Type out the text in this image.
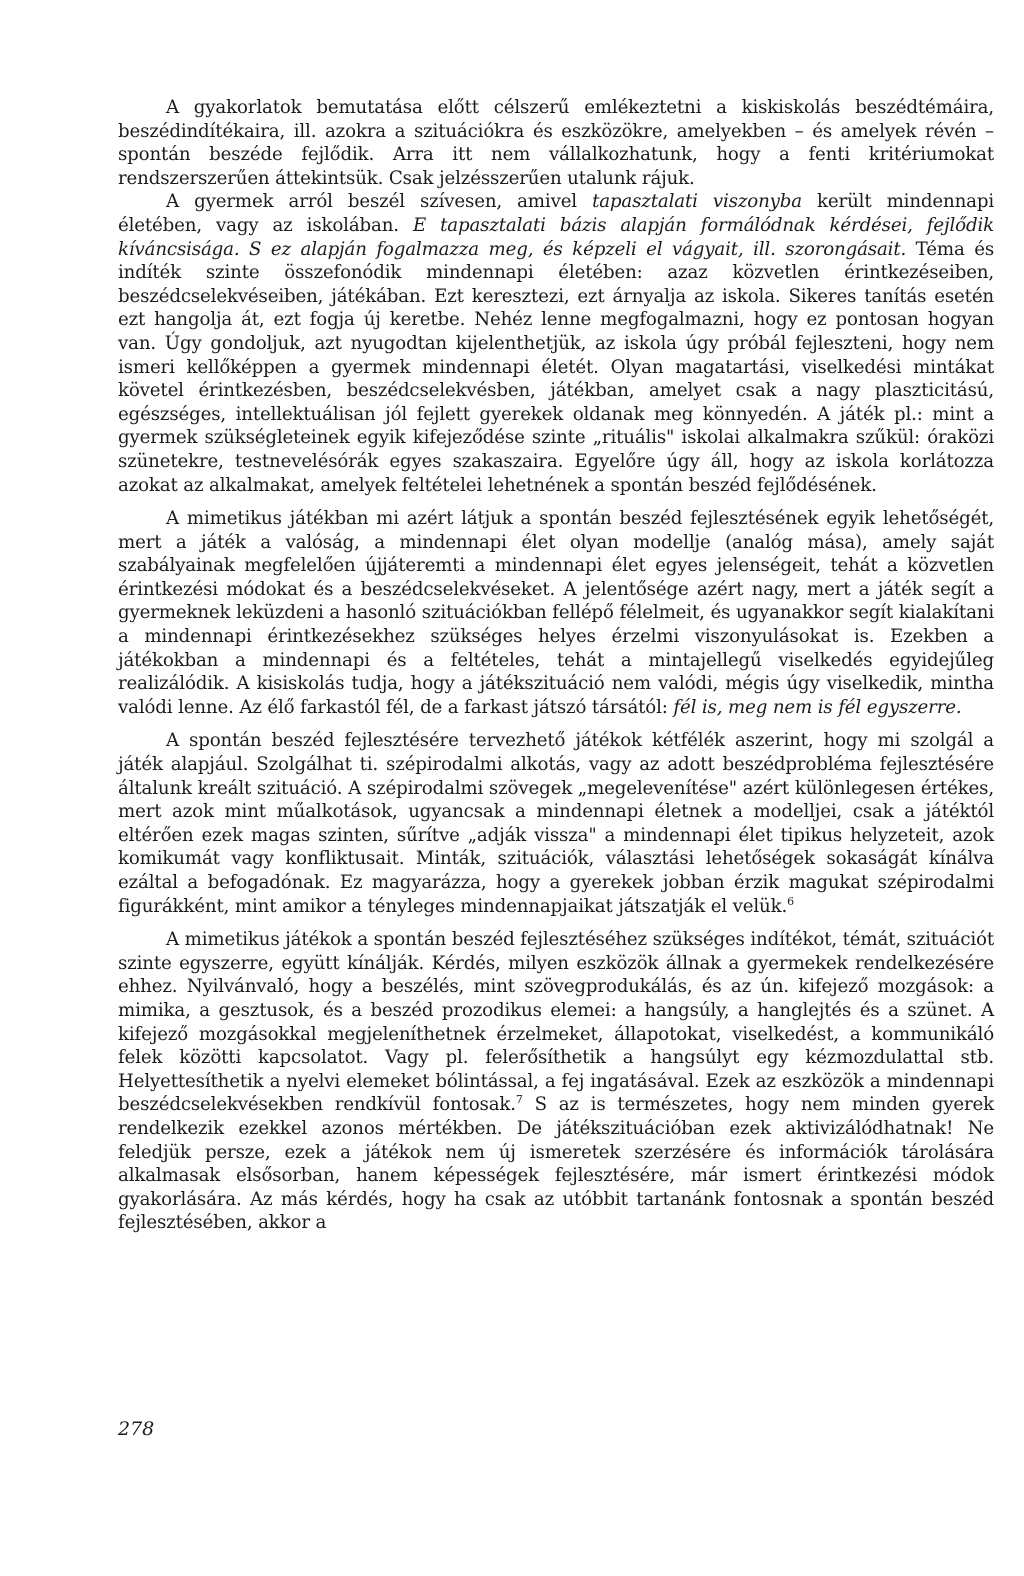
A gyakorlatok bemutatása előtt célszerű emlékeztetni a kiskiskolás beszédtémáira, beszédindítékaira, ill. azokra a szituációkra és eszközökre, amelyekben – és amelyek révén – spontán beszéde fejlődik. Arra itt nem vállalkozhatunk, hogy a fenti kritériumokat rendszerszerűen áttekintsük. Csak jelzésszerűen utalunk rájuk.

A gyermek arról beszél szívesen, amivel tapasztalati viszonyba került mindennapi életében, vagy az iskolában. E tapasztalati bázis alapján formálódnak kérdései, fejlődik kíváncsisága. S ez alapján fogalmazza meg, és képzeli el vágyait, ill. szorongásait. Téma és indíték szinte összefonódik mindennapi életében: azaz közvetlen érintkezéseiben, beszédcselekvéseiben, játékában. Ezt keresztezi, ezt árnyalja az iskola. Sikeres tanítás esetén ezt hangolja át, ezt fogja új keretbe. Nehéz lenne megfogalmazni, hogy ez pontosan hogyan van. Úgy gondoljuk, azt nyugodtan kijelenthetjük, az iskola úgy próbál fejleszteni, hogy nem ismeri kellőképpen a gyermek mindennapi életét. Olyan magatartási, viselkedési mintákat követel érintkezésben, beszédcselekvésben, játékban, amelyet csak a nagy plaszticitású, egészséges, intellektuálisan jól fejlett gyerekek oldanak meg könnyedén. A játék pl.: mint a gyermek szükségleteinek egyik kifejeződése szinte „rituális" iskolai alkalmakra szűkül: óraközi szünetekre, testnevelésórák egyes szakaszaira. Egyelőre úgy áll, hogy az iskola korlátozza azokat az alkalmakat, amelyek feltételei lehetnének a spontán beszéd fejlődésének.

A mimetikus játékban mi azért látjuk a spontán beszéd fejlesztésének egyik lehetőségét, mert a játék a valóság, a mindennapi élet olyan modellje (analóg mása), amely saját szabályainak megfelelően újjáteremti a mindennapi élet egyes jelenségeit, tehát a közvetlen érintkezési módokat és a beszédcselekvéseket. A jelentősége azért nagy, mert a játék segít a gyermeknek leküzdeni a hasonló szituációkban fellépő félelmeit, és ugyanakkor segít kialakítani a mindennapi érintkezésekhez szükséges helyes érzelmi viszonyulásokat is. Ezekben a játékokban a mindennapi és a feltételes, tehát a mintajellegű viselkedés egyidejűleg realizálódik. A kisiskolás tudja, hogy a játékszituáció nem valódi, mégis úgy viselkedik, mintha valódi lenne. Az élő farkastól fél, de a farkast játszó társától: fél is, meg nem is fél egyszerre.

A spontán beszéd fejlesztésére tervezhető játékok kétfélék aszerint, hogy mi szolgál a játék alapjául. Szolgálhat ti. szépirodalmi alkotás, vagy az adott beszédprobléma fejlesztésére általunk kreált szituáció. A szépirodalmi szövegek „megelevenítése" azért különlegesen értékes, mert azok mint műalkotások, ugyancsak a mindennapi életnek a modelljei, csak a játéktól eltérően ezek magas szinten, sűrítve „adják vissza" a mindennapi élet tipikus helyzeteit, azok komikumát vagy konfliktusait. Minták, szituációk, választási lehetőségek sokaságát kínálva ezáltal a befogadónak. Ez magyarázza, hogy a gyerekek jobban érzik magukat szépirodalmi figurákként, mint amikor a tényleges mindennapjaikat játszatják el velük.$^6$

A mimetikus játékok a spontán beszéd fejlesztéséhez szükséges indítékot, témát, szituációt szinte egyszerre, együtt kínálják. Kérdés, milyen eszközök állnak a gyermekek rendelkezésére ehhez. Nyilvánvaló, hogy a beszélés, mint szövegprodukálás, és az ún. kifejező mozgások: a mimika, a gesztusok, és a beszéd prozodikus elemei: a hangsúly, a hanglejtés és a szünet. A kifejező mozgásokkal megjeleníthetnek érzelmeket, állapotokat, viselkedést, a kommunikáló felek közötti kapcsolatot. Vagy pl. felerősíthetik a hangsúlyt egy kézmozdulattal stb. Helyettesíthetik a nyelvi elemeket bólintással, a fej ingatásával. Ezek az eszközök a mindennapi beszédcselekvésekben rendkívül fontosak.$^7$ S az is természetes, hogy nem minden gyerek rendelkezik ezekkel azonos mértékben. De játékszituációban ezek aktivizálódhatnak! Ne feledjük persze, ezek a játékok nem új ismeretek szerzésére és információk tárolására alkalmasak elsősorban, hanem képességek fejlesztésére, már ismert érintkezési módok gyakorlására. Az más kérdés, hogy ha csak az utóbbit tartanánk fontosnak a spontán beszéd fejlesztésében, akkor a

278
